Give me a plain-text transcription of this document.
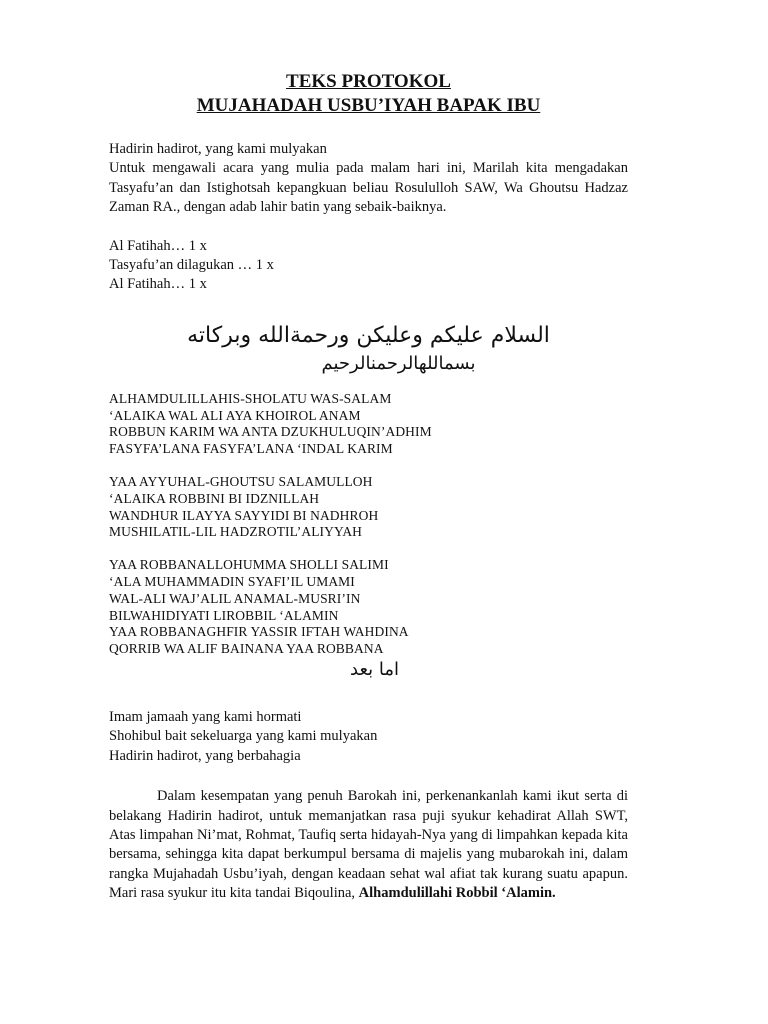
TEKS PROTOKOL

MUJAHADAH USBU’IYAH BAPAK IBU

Hadirin hadirot, yang kami mulyakan
Untuk mengawali acara yang mulia pada malam hari ini, Marilah kita mengadakan Tasyafu’an dan Istighotsah kepangkuan beliau Rosululloh SAW, Wa Ghoutsu Hadzaz Zaman RA., dengan adab lahir batin yang sebaik-baiknya.
Al Fatihah… 1 x
Tasyafu’an dilagukan … 1 x
Al Fatihah… 1 x
السلام عليكم وعليكن ورحمةالله وبركاته
بسماللهالرحمنالرحيم
ALHAMDULILLAHIS-SHOLATU WAS-SALAM
‘ALAIKA WAL ALI AYA KHOIROL ANAM
ROBBUN KARIM WA ANTA DZUKHULUQIN’ADHIM
FASYFA’LANA FASYFA’LANA ‘INDAL KARIM
YAA AYYUHAL-GHOUTSU SALAMULLOH
‘ALAIKA ROBBINI BI IDZNILLAH
WANDHUR ILAYYA SAYYIDI BI NADHROH
MUSHILATIL-LIL HADZROTIL’ALIYYAH
YAA ROBBANALLOHUMMA SHOLLI SALIMI
‘ALA MUHAMMADIN SYAFI’IL UMAMI
WAL-ALI WAJ’ALIL ANAMAL-MUSRI’IN
BILWAHIDIYATI LIROBBIL ‘ALAMIN
YAA ROBBANAGHFIR YASSIR IFTAH WAHDINA
QORRIB WA ALIF BAINANA YAA ROBBANA
اما بعد
Imam jamaah yang kami hormati
Shohibul bait sekeluarga yang kami mulyakan
Hadirin hadirot, yang berbahagia
Dalam kesempatan yang penuh Barokah ini, perkenankanlah kami ikut serta di belakang Hadirin hadirot, untuk memanjatkan rasa puji syukur kehadirat Allah SWT, Atas limpahan Ni’mat, Rohmat, Taufiq serta hidayah-Nya yang di limpahkan kepada kita bersama, sehingga kita dapat berkumpul bersama di majelis yang mubarokah ini, dalam rangka Mujahadah Usbu’iyah, dengan keadaan sehat wal afiat tak kurang suatu apapun. Mari rasa syukur itu kita tandai Biqoulina, Alhamdulillahi Robbil ‘Alamin.
